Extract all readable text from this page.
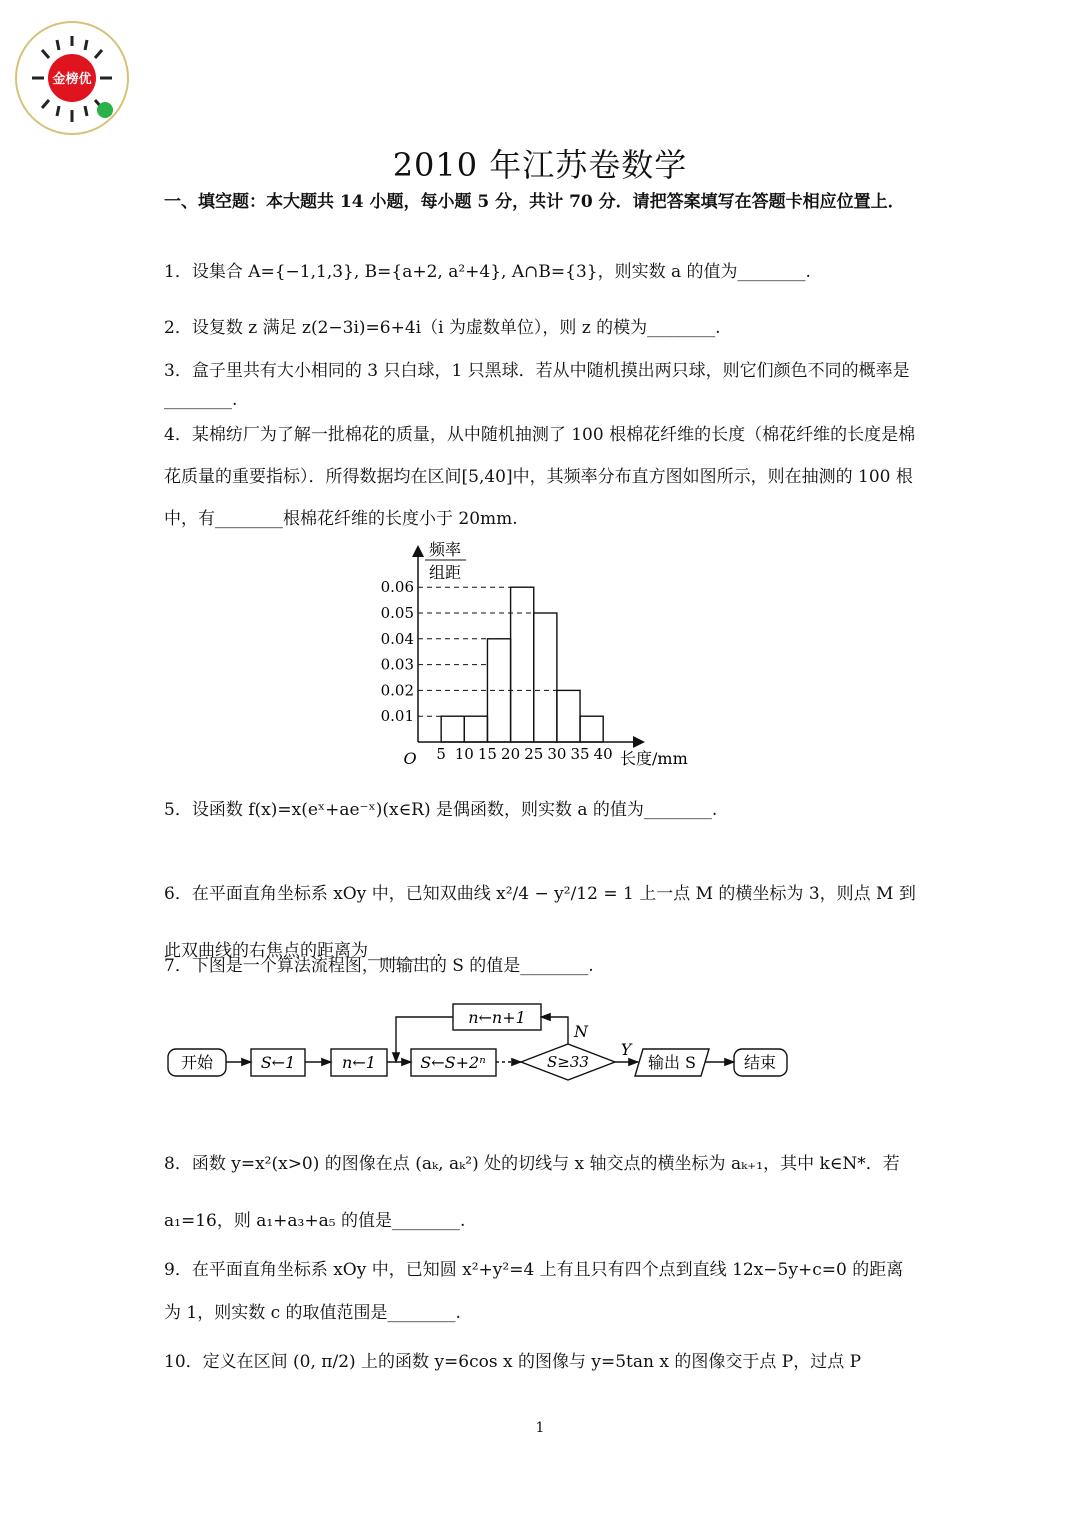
金榜优
2010 年江苏卷数学
一、填空题：本大题共 14 小题，每小题 5 分，共计 70 分．请把答案填写在答题卡相应位置上．
1．设集合 A={−1,1,3}, B={a+2, a²+4}, A∩B={3}，则实数 a 的值为________.
2．设复数 z 满足 z(2−3i)=6+4i（i 为虚数单位），则 z 的模为________.
3．盒子里共有大小相同的 3 只白球，1 只黑球．若从中随机摸出两只球，则它们颜色不同的概率是________.
4．某棉纺厂为了解一批棉花的质量，从中随机抽测了 100 根棉花纤维的长度（棉花纤维的长度是棉花质量的重要指标）．所得数据均在区间[5,40]中，其频率分布直方图如图所示，则在抽测的 100 根中，有________根棉花纤维的长度小于 20mm.
频率
组距
O	长度/mm
0.01
0.02
0.03
0.04
0.05
0.06
5 10 15 20 25 30 35 40
5．设函数 f(x)=x(eˣ+ae⁻ˣ)(x∈R) 是偶函数，则实数 a 的值为________.
6．在平面直角坐标系 xOy 中，已知双曲线 x²/4 − y²/12 = 1 上一点 M 的横坐标为 3，则点 M 到此双曲线的右焦点的距离为________.
7．下图是一个算法流程图，则输出的 S 的值是________.
开始	S←1	n←1	S←S+2ⁿ	S≥33
n←n+1
输出 S	结束
N
Y
8．函数 y=x²(x>0) 的图像在点 (aₖ, aₖ²) 处的切线与 x 轴交点的横坐标为 aₖ₊₁，其中 k∈N*．若 a₁=16，则 a₁+a₃+a₅ 的值是________.
9．在平面直角坐标系 xOy 中，已知圆 x²+y²=4 上有且只有四个点到直线 12x−5y+c=0 的距离为 1，则实数 c 的取值范围是________.
10．定义在区间 (0, π/2) 上的函数 y=6cos x 的图像与 y=5tan x 的图像交于点 P，过点 P
1
